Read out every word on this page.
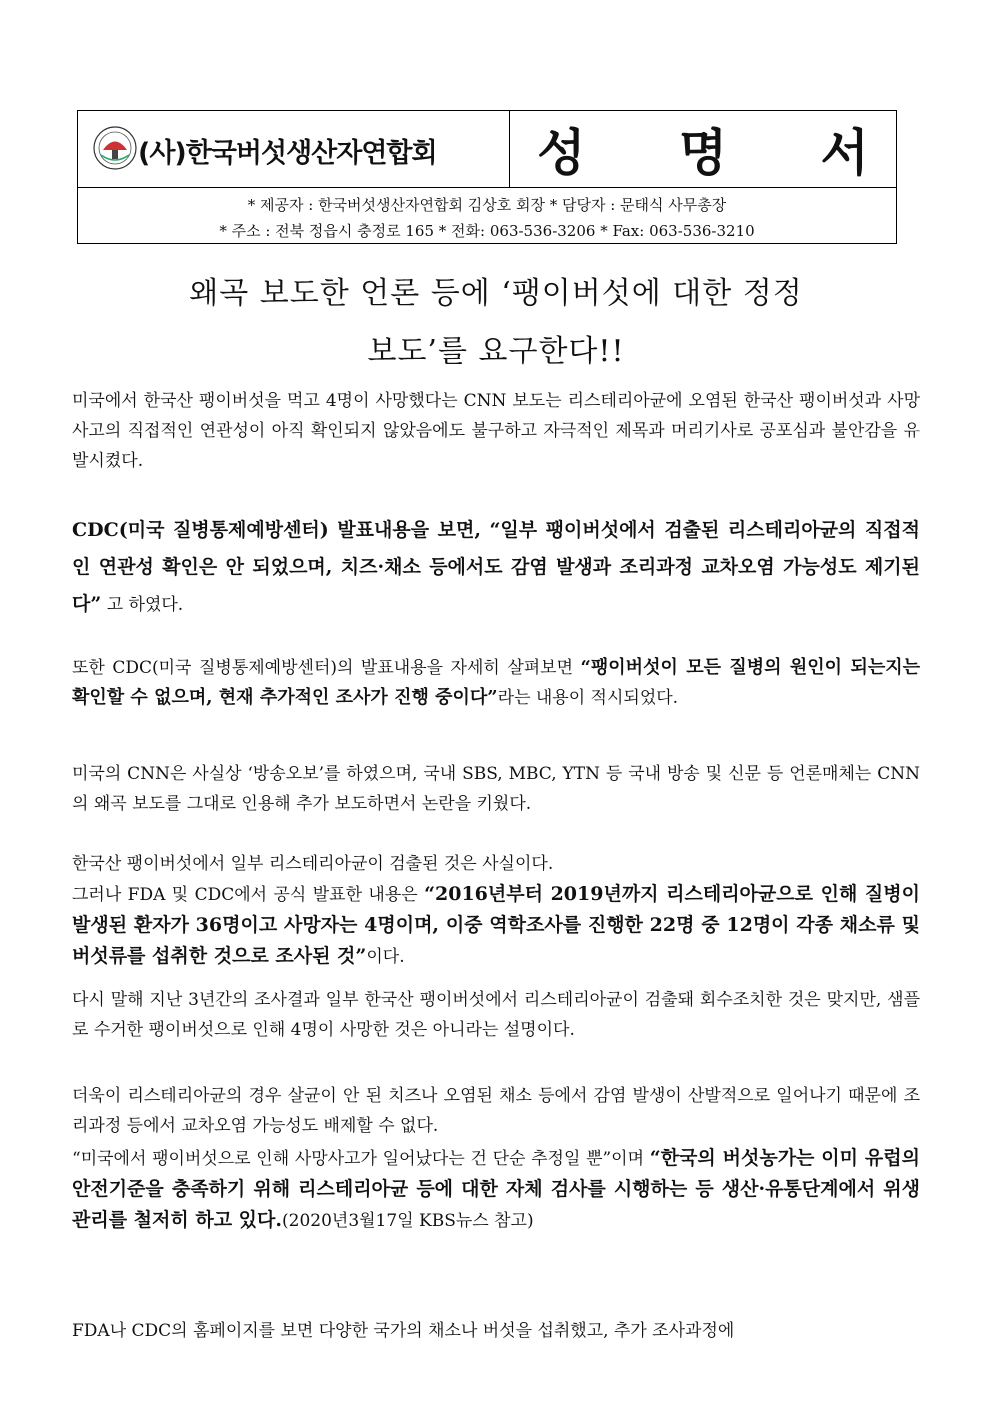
(사)한국버섯생산자연합회 성 명 서
* 제공자 : 한국버섯생산자연합회 김상호 회장 * 담당자 : 문태식 사무총장
* 주소 : 전북 정읍시 충정로 165 * 전화: 063-536-3206 * Fax: 063-536-3210
왜곡 보도한 언론 등에 ‘팽이버섯에 대한 정정
보도’를 요구한다!!
미국에서 한국산 팽이버섯을 먹고 4명이 사망했다는 CNN 보도는 리스테리아균에 오염된 한국산 팽이버섯과 사망사고의 직접적인 연관성이 아직 확인되지 않았음에도 불구하고 자극적인 제목과 머리기사로 공포심과 불안감을 유발시켰다.
CDC(미국 질병통제예방센터) 발표내용을 보면, “일부 팽이버섯에서 검출된 리스테리아균의 직접적인 연관성 확인은 안 되었으며, 치즈·채소 등에서도 감염 발생과 조리과정 교차오염 가능성도 제기된다” 고 하였다.
또한 CDC(미국 질병통제예방센터)의 발표내용을 자세히 살펴보면 “팽이버섯이 모든 질병의 원인이 되는지는 확인할 수 없으며, 현재 추가적인 조사가 진행 중이다”라는 내용이 적시되었다.
미국의 CNN은 사실상 ‘방송오보’를 하였으며, 국내 SBS, MBC, YTN 등 국내 방송 및 신문 등 언론매체는 CNN의 왜곡 보도를 그대로 인용해 추가 보도하면서 논란을 키웠다.
한국산 팽이버섯에서 일부 리스테리아균이 검출된 것은 사실이다.
그러나 FDA 및 CDC에서 공식 발표한 내용은 “2016년부터 2019년까지 리스테리아균으로 인해 질병이 발생된 환자가 36명이고 사망자는 4명이며, 이중 역학조사를 진행한 22명 중 12명이 각종 채소류 및 버섯류를 섭취한 것으로 조사된 것”이다.
다시 말해 지난 3년간의 조사결과 일부 한국산 팽이버섯에서 리스테리아균이 검출돼 회수조치한 것은 맞지만, 샘플로 수거한 팽이버섯으로 인해 4명이 사망한 것은 아니라는 설명이다.
더욱이 리스테리아균의 경우 살균이 안 된 치즈나 오염된 채소 등에서 감염 발생이 산발적으로 일어나기 때문에 조리과정 등에서 교차오염 가능성도 배제할 수 없다.
“미국에서 팽이버섯으로 인해 사망사고가 일어났다는 건 단순 추정일 뿐”이며 “한국의 버섯농가는 이미 유럽의 안전기준을 충족하기 위해 리스테리아균 등에 대한 자체 검사를 시행하는 등 생산·유통단계에서 위생관리를 철저히 하고 있다.(2020년3월17일 KBS뉴스 참고)
FDA나 CDC의 홈페이지를 보면 다양한 국가의 채소나 버섯을 섭취했고, 추가 조사과정에
